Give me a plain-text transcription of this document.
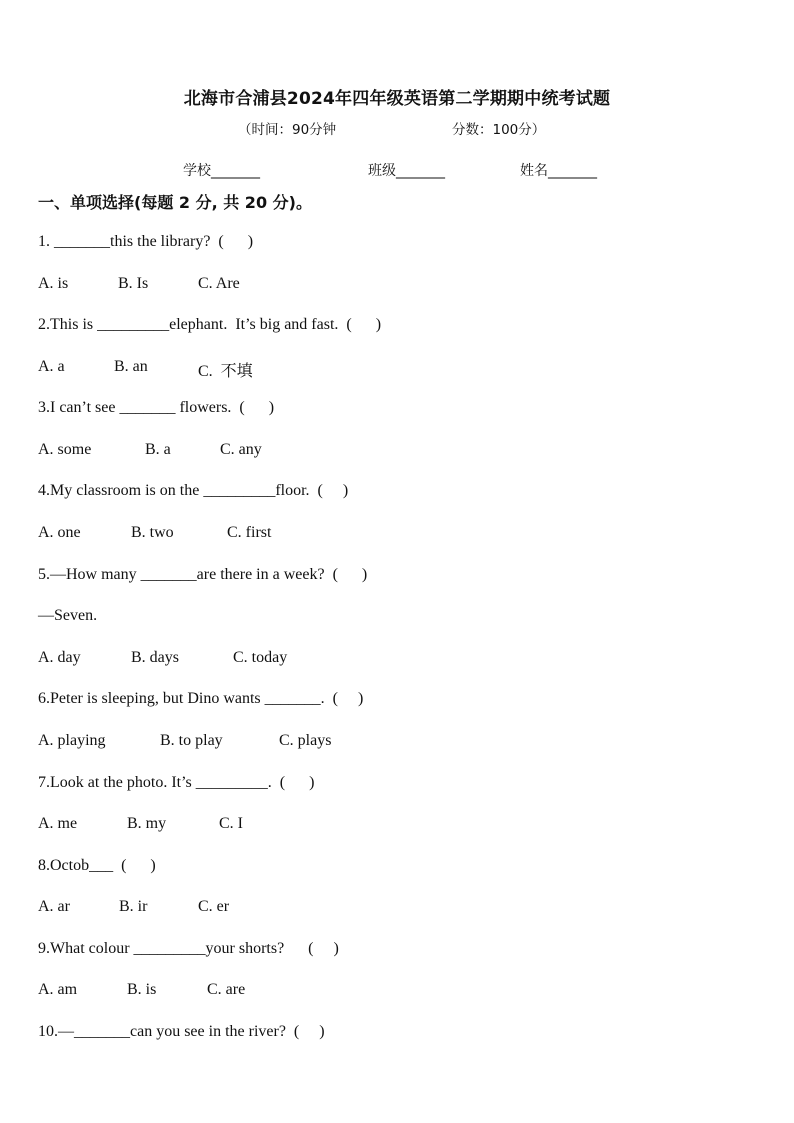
北海市合浦县2024年四年级英语第二学期期中统考试题
（时间：90分钟	分数：100分）
学校_______	班级_______	姓名_______
一、单项选择(每题 2 分, 共 20 分)。
1. _______this the library?  (      )
A. is	B. Is	C. Are
2.This is _________elephant.  It’s big and fast.  (      )
A. a	B. an	C.  不填
3.I can’t see _______ flowers.  (      )
A. some	B. a	C. any
4.My classroom is on the _________floor.  (     )
A. one	B. two	C. first
5.—How many _______are there in a week?  (      )
—Seven.
A. day	B. days	C. today
6.Peter is sleeping, but Dino wants _______.  (     )
A. playing	B. to play	C. plays
7.Look at the photo. It’s _________.  (      )
A. me	B. my	C. I
8.Octob___  (      )
A. ar	B. ir	C. er
9.What colour _________your shorts?      (     )
A. am	B. is	C. are
10.—_______can you see in the river?  (     )
